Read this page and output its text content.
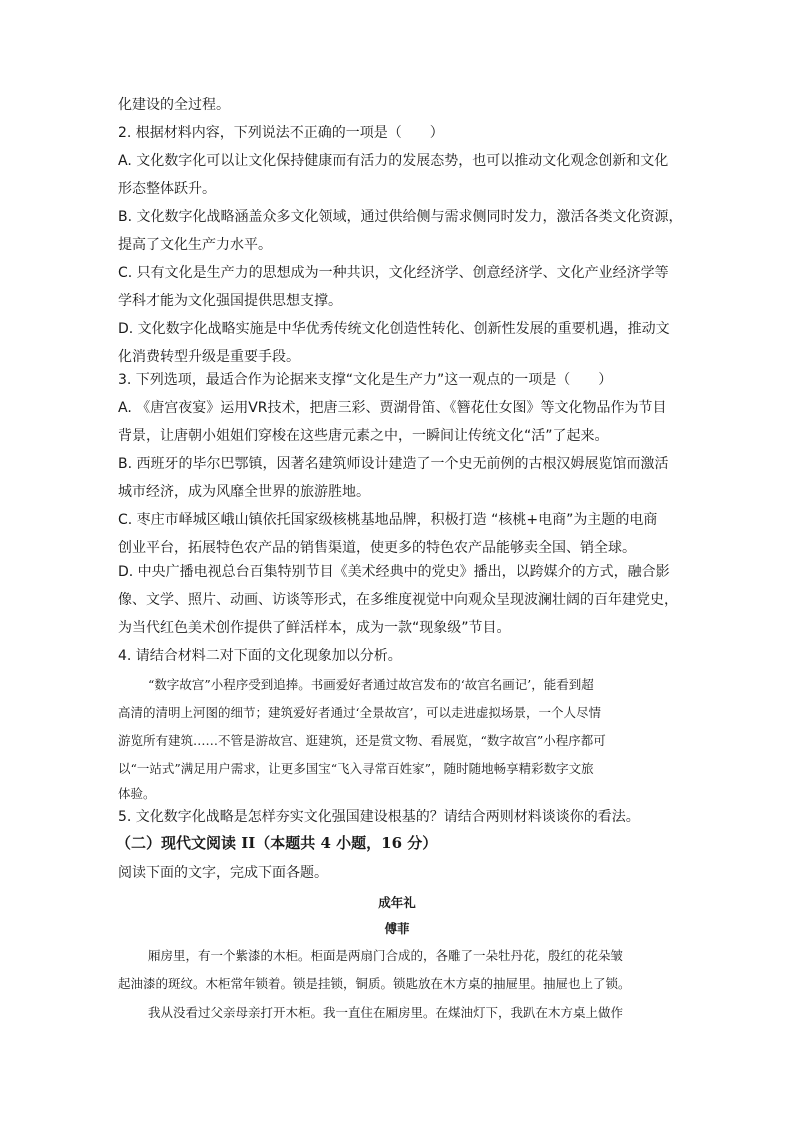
化建设的全过程。
2. 根据材料内容，下列说法不正确的一项是（　　）
A. 文化数字化可以让文化保持健康而有活力的发展态势，也可以推动文化观念创新和文化
形态整体跃升。
B. 文化数字化战略涵盖众多文化领域，通过供给侧与需求侧同时发力，激活各类文化资源，
提高了文化生产力水平。
C. 只有文化是生产力的思想成为一种共识，文化经济学、创意经济学、文化产业经济学等
学科才能为文化强国提供思想支撑。
D. 文化数字化战略实施是中华优秀传统文化创造性转化、创新性发展的重要机遇，推动文
化消费转型升级是重要手段。
3. 下列选项，最适合作为论据来支撑“文化是生产力”这一观点的一项是（　　）
A. 《唐宫夜宴》运用VR技术，把唐三彩、贾湖骨笛、《簪花仕女图》等文化物品作为节目
背景，让唐朝小姐姐们穿梭在这些唐元素之中，一瞬间让传统文化“活”了起来。
B. 西班牙的毕尔巴鄂镇，因著名建筑师设计建造了一个史无前例的古根汉姆展览馆而激活
城市经济，成为风靡全世界的旅游胜地。
C. 枣庄市峄城区峨山镇依托国家级核桃基地品牌，积极打造 “核桃+电商”为主题的电商
创业平台，拓展特色农产品的销售渠道，使更多的特色农产品能够卖全国、销全球。
D. 中央广播电视总台百集特别节目《美术经典中的党史》播出，以跨媒介的方式，融合影
像、文学、照片、动画、访谈等形式，在多维度视觉中向观众呈现波澜壮阔的百年建党史，
为当代红色美术创作提供了鲜活样本，成为一款“现象级”节目。
4. 请结合材料二对下面的文化现象加以分析。
“数字故宫”小程序受到追捧。书画爱好者通过故宫发布的‘故宫名画记’，能看到超
高清的清明上河图的细节；建筑爱好者通过‘全景故宫’，可以走进虚拟场景，一个人尽情
游览所有建筑……不管是游故宫、逛建筑，还是赏文物、看展览，“数字故宫”小程序都可
以“一站式”满足用户需求，让更多国宝“飞入寻常百姓家”，随时随地畅享精彩数字文旅
体验。
5. 文化数字化战略是怎样夯实文化强国建设根基的？请结合两则材料谈谈你的看法。
（二）现代文阅读 II（本题共 4 小题，16 分）
阅读下面的文字，完成下面各题。
成年礼
傅菲
厢房里，有一个紫漆的木柜。柜面是两扇门合成的，各雕了一朵牡丹花，殷红的花朵皱
起油漆的斑纹。木柜常年锁着。锁是挂锁，铜质。锁匙放在木方桌的抽屉里。抽屉也上了锁。
我从没看过父亲母亲打开木柜。我一直住在厢房里。在煤油灯下，我趴在木方桌上做作
